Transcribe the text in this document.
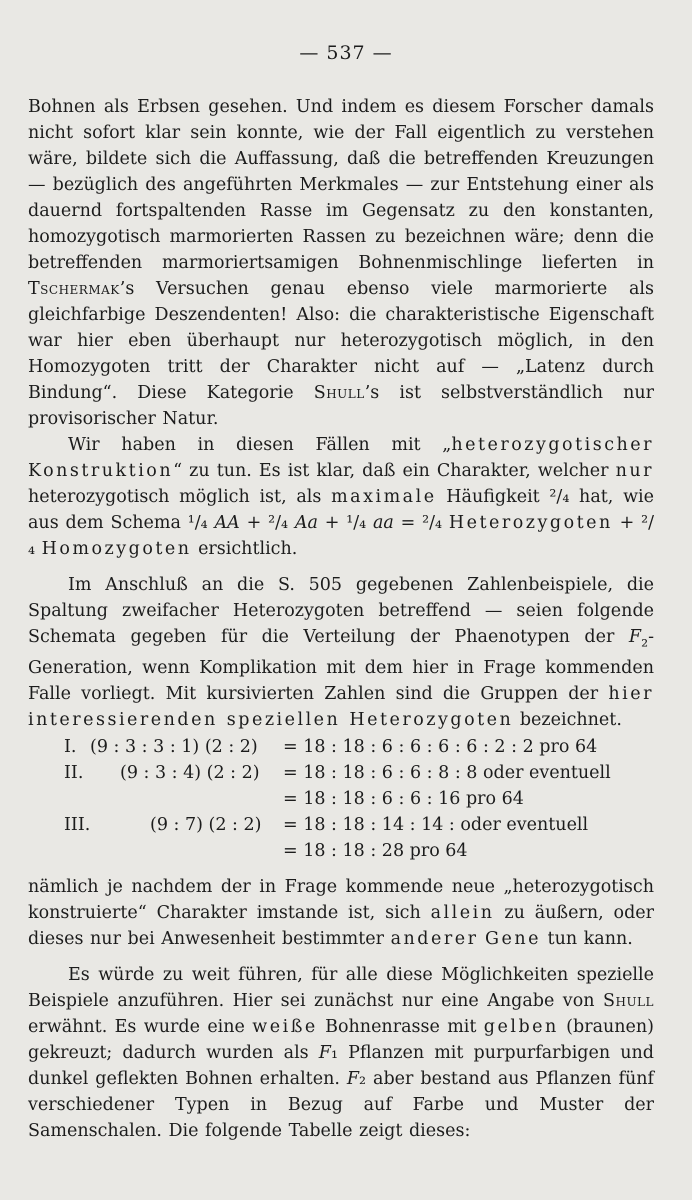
— 537 —
Bohnen als Erbsen gesehen. Und indem es diesem Forscher damals nicht sofort klar sein konnte, wie der Fall eigentlich zu verstehen wäre, bildete sich die Auffassung, daß die betreffenden Kreuzungen — bezüglich des angeführten Merkmales — zur Entstehung einer als dauernd fortspaltenden Rasse im Gegensatz zu den konstanten, homozygotisch marmorierten Rassen zu bezeichnen wäre; denn die betreffenden marmoriertsamigen Bohnenmischlinge lieferten in Tschermak’s Versuchen genau ebenso viele marmorierte als gleichfarbige Deszendenten! Also: die charakteristische Eigenschaft war hier eben überhaupt nur heterozygotisch möglich, in den Homozygoten tritt der Charakter nicht auf — „Latenz durch Bindung“. Diese Kategorie Shull’s ist selbstverständlich nur provisorischer Natur.
Wir haben in diesen Fällen mit „heterozygotischer Konstruktion“ zu tun. Es ist klar, daß ein Charakter, welcher nur heterozygotisch möglich ist, als maximale Häufigkeit ²/₄ hat, wie aus dem Schema ¹/₄ AA + ²/₄ Aa + ¹/₄ aa = ²/₄ Heterozygoten + ²/₄ Homozygoten ersichtlich.
Im Anschluß an die S. 505 gegebenen Zahlenbeispiele, die Spaltung zweifacher Heterozygoten betreffend — seien folgende Schemata gegeben für die Verteilung der Phaenotypen der $F_{_2}$-Generation, wenn Komplikation mit dem hier in Frage kommenden Falle vorliegt. Mit kursivierten Zahlen sind die Gruppen der hier interessierenden speziellen Heterozygoten bezeichnet.
I. (9 : 3 : 3 : 1) (2 : 2) = 18 : 18 : 6 : 6 : 6 : 6 : 2 : 2 pro 64
II. (9 : 3 : 4) (2 : 2) = 18 : 18 : 6 : 6 : 8 : 8 oder eventuell
= 18 : 18 : 6 : 6 : 16 pro 64
III.	(9 : 7) (2 : 2) = 18 : 18 : 14 : 14 : oder eventuell
= 18 : 18 : 28 pro 64
nämlich je nachdem der in Frage kommende neue „heterozygotisch konstruierte“ Charakter imstande ist, sich allein zu äußern, oder dieses nur bei Anwesenheit bestimmter anderer Gene tun kann.
Es würde zu weit führen, für alle diese Möglichkeiten spezielle Beispiele anzuführen. Hier sei zunächst nur eine Angabe von Shull erwähnt. Es wurde eine weiße Bohnenrasse mit gelben (braunen) gekreuzt; dadurch wurden als F₁ Pflanzen mit purpurfarbigen und dunkel geflekten Bohnen erhalten. F₂ aber bestand aus Pflanzen fünf verschiedener Typen in Bezug auf Farbe und Muster der Samenschalen. Die folgende Tabelle zeigt dieses:
